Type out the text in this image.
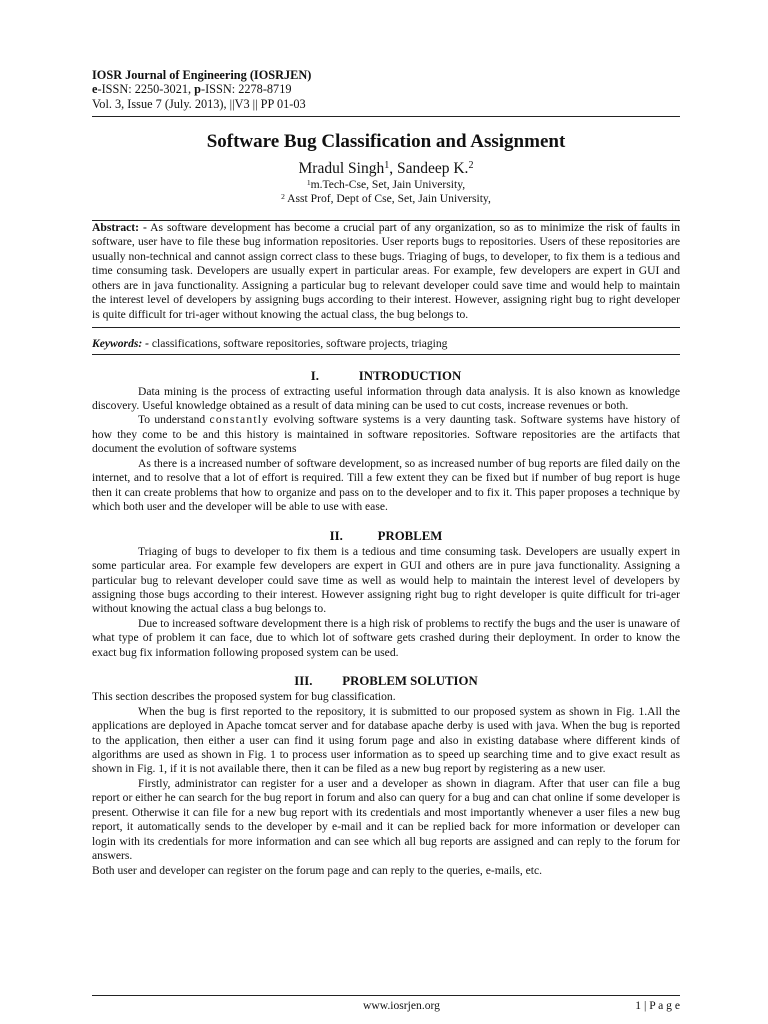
IOSR Journal of Engineering (IOSRJEN)
e-ISSN: 2250-3021, p-ISSN: 2278-8719
Vol. 3, Issue 7 (July. 2013), ||V3 || PP 01-03
Software Bug Classification and Assignment
Mradul Singh$^1$, Sandeep K.$^2$
$^1$m.Tech-Cse, Set, Jain University,
$^2$ Asst Prof, Dept of Cse, Set, Jain University,

Abstract: - As software development has become a crucial part of any organization, so as to minimize the risk of faults in software, user have to file these bug information repositories. User reports bugs to repositories. Users of these repositories are usually non-technical and cannot assign correct class to these bugs. Triaging of bugs, to developer, to fix them is a tedious and time consuming task. Developers are usually expert in particular areas. For example, few developers are expert in GUI and others are in java functionality. Assigning a particular bug to relevant developer could save time and would help to maintain the interest level of developers by assigning bugs according to their interest. However, assigning right bug to right developer is quite difficult for tri-ager without knowing the actual class, the bug belongs to.

Keywords: - classifications, software repositories, software projects, triaging
I.	INTRODUCTION

Data mining is the process of extracting useful information through data analysis. It is also known as knowledge discovery. Useful knowledge obtained as a result of data mining can be used to cut costs, increase revenues or both.

To understand constantly evolving software systems is a very daunting task. Software systems have history of how they come to be and this history is maintained in software repositories. Software repositories are the artifacts that document the evolution of software systems

As there is a increased number of software development, so as increased number of bug reports are filed daily on the internet, and to resolve that a lot of effort is required. Till a few extent they can be fixed but if number of bug report is huge then it can create problems that how to organize and pass on to the developer and to fix it. This paper proposes a technique by which both user and the developer will be able to use with ease.

II.	PROBLEM

Triaging of bugs to developer to fix them is a tedious and time consuming task. Developers are usually expert in some particular area. For example few developers are expert in GUI and others are in pure java functionality. Assigning a particular bug to relevant developer could save time as well as would help to maintain the interest level of developers by assigning those bugs according to their interest. However assigning right bug to right developer is quite difficult for tri-ager without knowing the actual class a bug belongs to.

Due to increased software development there is a high risk of problems to rectify the bugs and the user is unaware of what type of problem it can face, due to which lot of software gets crashed during their deployment. In order to know the exact bug fix information following proposed system can be used.

III. PROBLEM SOLUTION

This section describes the proposed system for bug classification.

When the bug is first reported to the repository, it is submitted to our proposed system as shown in Fig. 1.All the applications are deployed in Apache tomcat server and for database apache derby is used with java. When the bug is reported to the application, then either a user can find it using forum page and also in existing database where different kinds of algorithms are used as shown in Fig. 1 to process user information as to speed up searching time and to give exact result as shown in Fig. 1, if it is not available there, then it can be filed as a new bug report by registering as a new user.

Firstly, administrator can register for a user and a developer as shown in diagram. After that user can file a bug report or either he can search for the bug report in forum and also can query for a bug and can chat online if some developer is present. Otherwise it can file for a new bug report with its credentials and most importantly whenever a user files a new bug report, it automatically sends to the developer by e-mail and it can be replied back for more information or developer can login with its credentials for more information and can see which all bug reports are assigned and can reply to the forum for answers.

Both user and developer can register on the forum page and can reply to the queries, e-mails, etc.

www.iosrjen.org	1 | P a g e
